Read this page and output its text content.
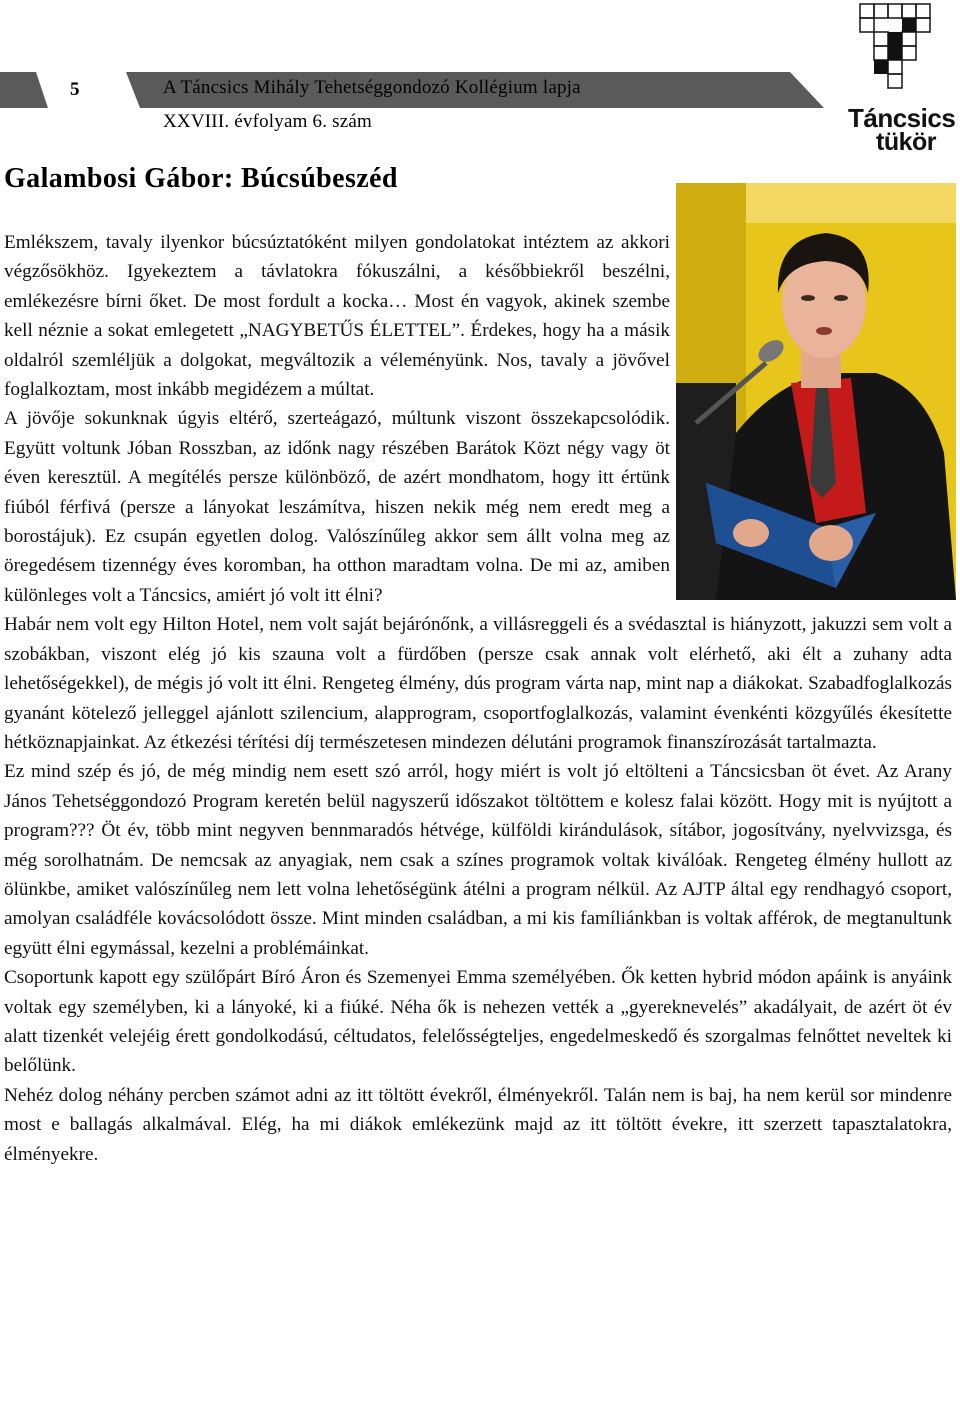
5	A Táncsics Mihály Tehetséggondozó Kollégium lapja
XXVIII. évfolyam 6. szám	Táncsics
tükör
Galambosi Gábor: Búcsúbeszéd

Emlékszem, tavaly ilyenkor búcsúztatóként milyen gondolatokat intéztem az akkori végzősökhöz. Igyekeztem a távlatokra fókuszálni, a későbbiekről beszélni, emlékezésre bírni őket. De most fordult a kocka… Most én vagyok, akinek szembe kell néznie a sokat emlegetett „NAGYBETŰS ÉLETTEL”. Érdekes, hogy ha a másik oldalról szemléljük a dolgokat, megváltozik a véleményünk. Nos, tavaly a jövővel foglalkoztam, most inkább megidézem a múltat.

A jövője sokunknak úgyis eltérő, szerteágazó, múltunk viszont összekapcsolódik. Együtt voltunk Jóban Rosszban, az időnk nagy részében Barátok Közt négy vagy öt éven keresztül. A megítélés persze különböző, de azért mondhatom, hogy itt értünk fiúból férfivá (persze a lányokat leszámítva, hiszen nekik még nem eredt meg a borostájuk). Ez csupán egyetlen dolog. Valószínűleg akkor sem állt volna meg az öregedésem tizennégy éves koromban, ha otthon maradtam volna. De mi az, amiben különleges volt a Táncsics, amiért jó volt itt élni?

Habár nem volt egy Hilton Hotel, nem volt saját bejárónőnk, a villásreggeli és a svédasztal is hiányzott, jakuzzi sem volt a szobákban, viszont elég jó kis szauna volt a fürdőben (persze csak annak volt elérhető, aki élt a zuhany adta lehetőségekkel), de mégis jó volt itt élni. Rengeteg élmény, dús program várta nap, mint nap a diákokat. Szabadfoglalkozás gyanánt kötelező jelleggel ajánlott szilencium, alapprogram, csoportfoglalkozás, valamint évenkénti közgyűlés ékesítette hétköznapjainkat. Az étkezési térítési díj természetesen mindezen délutáni programok finanszírozását tartalmazta.

Ez mind szép és jó, de még mindig nem esett szó arról, hogy miért is volt jó eltölteni a Táncsicsban öt évet. Az Arany János Tehetséggondozó Program keretén belül nagyszerű időszakot töltöttem e kolesz falai között. Hogy mit is nyújtott a program??? Öt év, több mint negyven bennmaradós hétvége, külföldi kirándulások, sítábor, jogosítvány, nyelvvizsga, és még sorolhatnám. De nemcsak az anyagiak, nem csak a színes programok voltak kiválóak. Rengeteg élmény hullott az ölünkbe, amiket valószínűleg nem lett volna lehetőségünk átélni a program nélkül. Az AJTP által egy rendhagyó csoport, amolyan családféle kovácsolódott össze. Mint minden családban, a mi kis famíliánkban is voltak afférok, de megtanultunk együtt élni egymással, kezelni a problémáinkat.

Csoportunk kapott egy szülőpárt Bíró Áron és Szemenyei Emma személyében. Ők ketten hybrid módon apáink is anyáink voltak egy személyben, ki a lányoké, ki a fiúké. Néha ők is nehezen vették a „gyereknevelés” akadályait, de azért öt év alatt tizenkét velejéig érett gondolkodású, céltudatos, felelősségteljes, engedelmeskedő és szorgalmas felnőttet neveltek ki belőlünk.

Nehéz dolog néhány percben számot adni az itt töltött évekről, élményekről. Talán nem is baj, ha nem kerül sor mindenre most e ballagás alkalmával. Elég, ha mi diákok emlékezünk majd az itt töltött évekre, itt szerzett tapasztalatokra, élményekre.
